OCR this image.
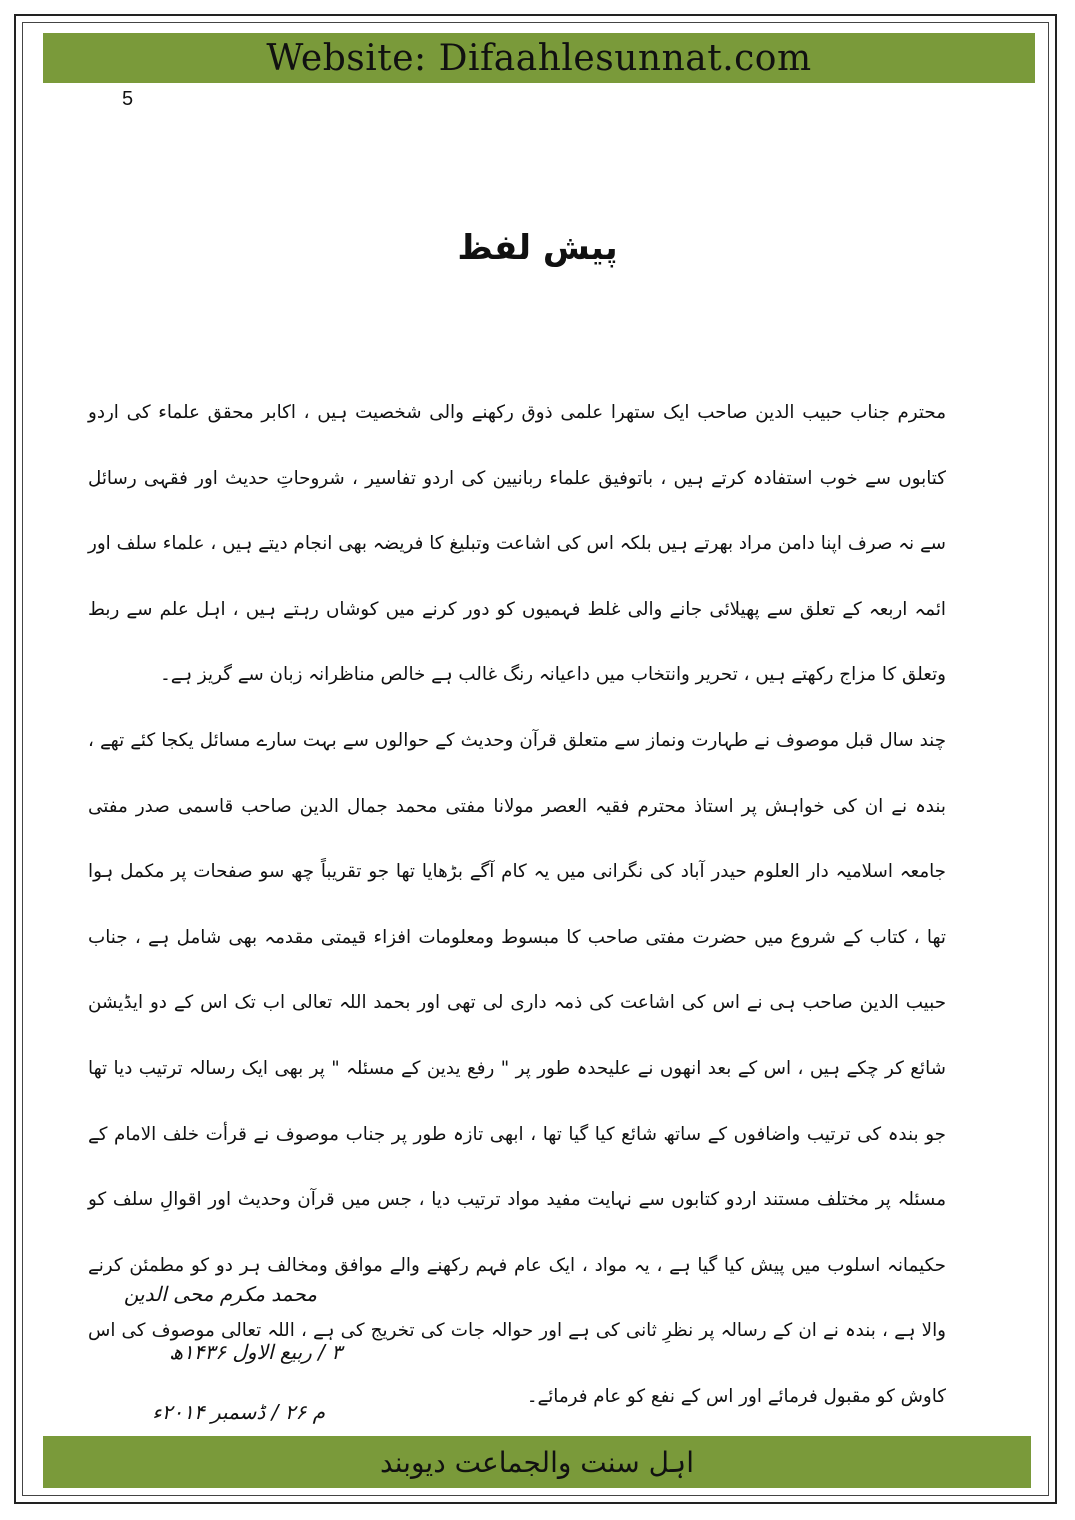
Website: Difaahlesunnat.com
5
پیش لفظ

محترم جناب حبیب الدین صاحب ایک ستھرا علمی ذوق رکھنے والی شخصیت ہیں ، اکابر محقق علماء کی اردو کتابوں سے خوب استفادہ کرتے ہیں ، باتوفیق علماء ربانیین کی اردو تفاسیر ، شروحاتِ حدیث اور فقہی رسائل سے نہ صرف اپنا دامن مراد بھرتے ہیں بلکہ اس کی اشاعت وتبلیغ کا فریضہ بھی انجام دیتے ہیں ، علماء سلف اور ائمہ اربعہ کے تعلق سے پھیلائی جانے والی غلط فہمیوں کو دور کرنے میں کوشاں رہتے ہیں ، اہل علم سے ربط وتعلق کا مزاج رکھتے ہیں ، تحریر وانتخاب میں داعیانہ رنگ غالب ہے خالص مناظرانہ زبان سے گریز ہے۔

چند سال قبل موصوف نے طہارت ونماز سے متعلق قرآن وحدیث کے حوالوں سے بہت سارے مسائل یکجا کئے تھے ، بندہ نے ان کی خواہش پر استاذ محترم فقیہ العصر مولانا مفتی محمد جمال الدین صاحب قاسمی صدر مفتی جامعہ اسلامیہ دار العلوم حیدر آباد کی نگرانی میں یہ کام آگے بڑھایا تھا جو تقریباً چھ سو صفحات پر مکمل ہوا تھا ، کتاب کے شروع میں حضرت مفتی صاحب کا مبسوط ومعلومات افزاء قیمتی مقدمہ بھی شامل ہے ، جناب حبیب الدین صاحب ہی نے اس کی اشاعت کی ذمہ داری لی تھی اور بحمد اللہ تعالی اب تک اس کے دو ایڈیشن شائع کر چکے ہیں ، اس کے بعد انھوں نے علیحدہ طور پر " رفع یدین کے مسئلہ " پر بھی ایک رسالہ ترتیب دیا تھا جو بندہ کی ترتیب واضافوں کے ساتھ شائع کیا گیا تھا ، ابھی تازہ طور پر جناب موصوف نے قرأت خلف الامام کے مسئلہ پر مختلف مستند اردو کتابوں سے نہایت مفید مواد ترتیب دیا ، جس میں قرآن وحدیث اور اقوالِ سلف کو حکیمانہ اسلوب میں پیش کیا گیا ہے ، یہ مواد ، ایک عام فہم رکھنے والے موافق ومخالف ہر دو کو مطمئن کرنے والا ہے ، بندہ نے ان کے رسالہ پر نظرِ ثانی کی ہے اور حوالہ جات کی تخریج کی ہے ، اللہ تعالی موصوف کی اس کاوش کو مقبول فرمائے اور اس کے نفع کو عام فرمائے۔

محمد مکرم محی الدین
۳ / ربیع الاول ۱۴۳۶ھ
م ۲۶ / ڈسمبر ۲۰۱۴ء
اہل سنت والجماعت دیوبند
